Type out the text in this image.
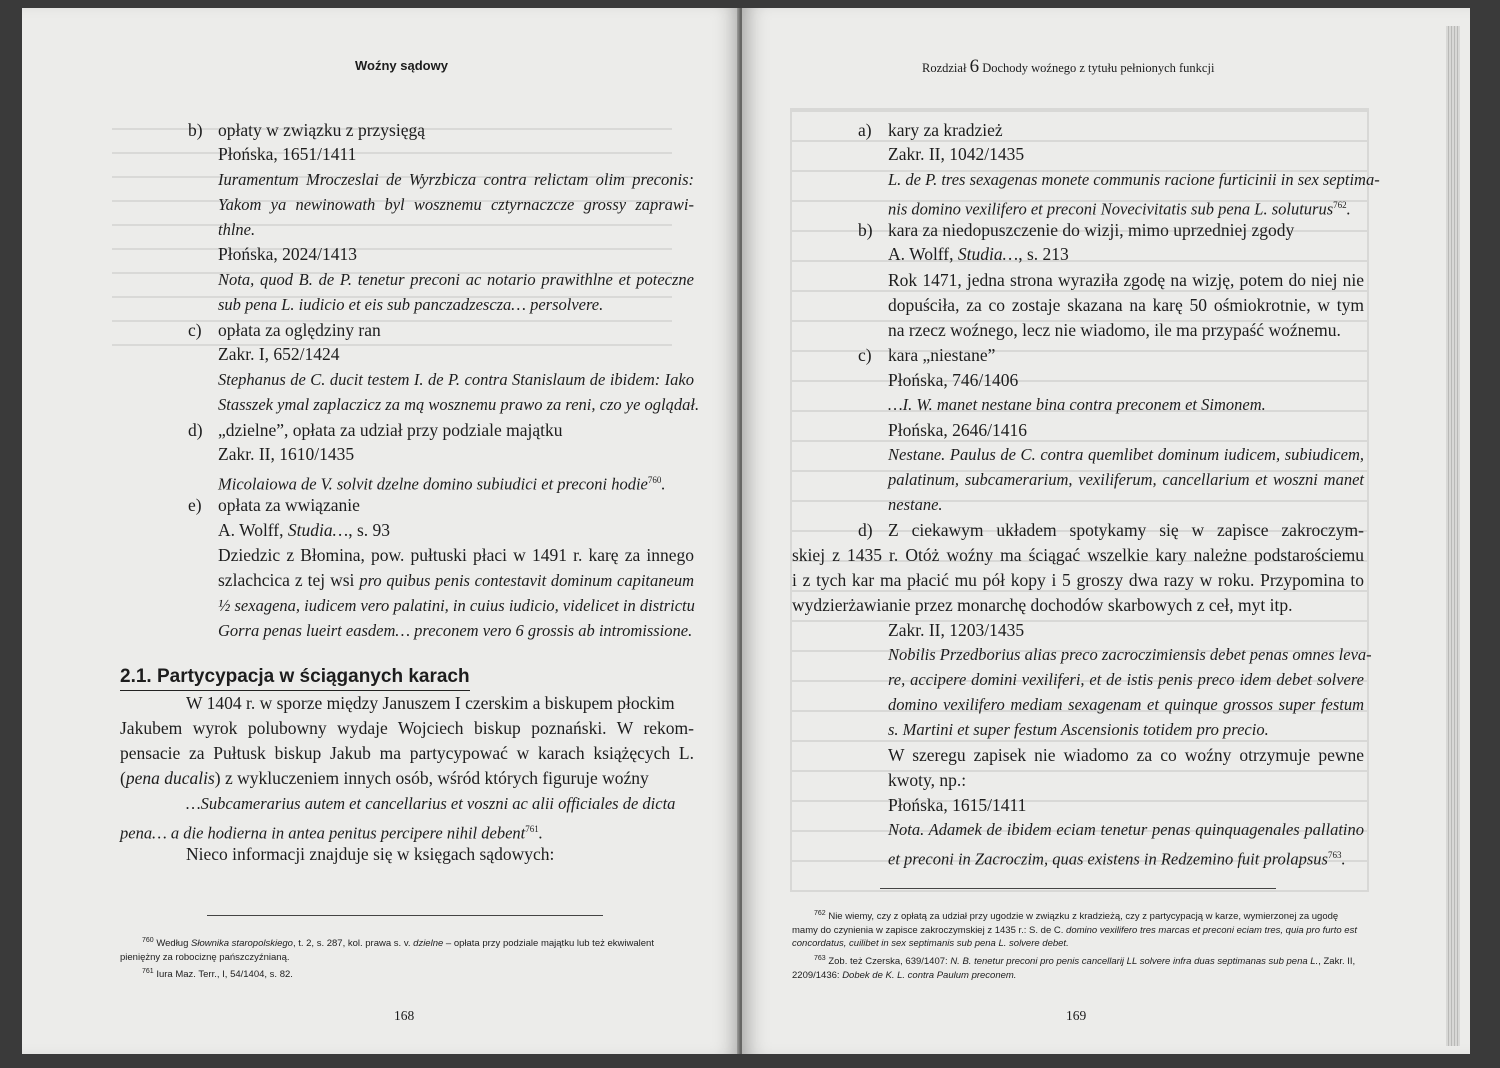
Woźny sądowy
b) opłaty w związku z przysięgą
Płońska, 1651/1411
Iuramentum Mroczeslai de Wyrzbicza contra relictam olim preconis:
Yakom ya newinowath byl wosznemu cztyrnaczcze grossy zaprawi-
thlne.
Płońska, 2024/1413
Nota, quod B. de P. tenetur preconi ac notario prawithlne et poteczne
sub pena L. iudicio et eis sub panczadzescza… persolvere.
c) opłata za oględziny ran
Zakr. I, 652/1424
Stephanus de C. ducit testem I. de P. contra Stanislaum de ibidem: Iako
Stasszek ymal zaplaczicz za mą wosznemu prawo za reni, czo ye oglądał.
d) „dzielne”, opłata za udział przy podziale majątku
Zakr. II, 1610/1435
Micolaiowa de V. solvit dzelne domino subiudici et preconi hodie$^{760}$.
e) opłata za wwiązanie
A. Wolff, Studia…, s. 93
Dziedzic z Błomina, pow. pułtuski płaci w 1491 r. karę za innego
szlachcica z tej wsi pro quibus penis contestavit dominum capitaneum
½ sexagena, iudicem vero palatini, in cuius iudicio, videlicet in districtu
Gorra penas lueirt easdem… preconem vero 6 grossis ab intromissione.
2.1. Partycypacja w ściąganych karach
W 1404 r. w sporze między Januszem I czerskim a biskupem płockim
Jakubem wyrok polubowny wydaje Wojciech biskup poznański. W rekom-
pensacie za Pułtusk biskup Jakub ma partycypować w karach książęcych L.
(pena ducalis) z wykluczeniem innych osób, wśród których figuruje woźny
…Subcamerarius autem et cancellarius et voszni ac alii officiales de dicta
pena… a die hodierna in antea penitus percipere nihil debent$^{761}$.
Nieco informacji znajduje się w księgach sądowych:
$^{760}$ Według Słownika staropolskiego, t. 2, s. 287, kol. prawa s. v. dzielne – opłata przy podziale majątku lub też ekwiwalent pieniężny za robociznę pańszczyźnianą.
$^{761}$ Iura Maz. Terr., I, 54/1404, s. 82.
168
Rozdział 6 Dochody woźnego z tytułu pełnionych funkcji
a) kary za kradzież
Zakr. II, 1042/1435
L. de P. tres sexagenas monete communis racione furticinii in sex septima-
nis domino vexilifero et preconi Novecivitatis sub pena L. soluturus$^{762}$.
b) kara za niedopuszczenie do wizji, mimo uprzedniej zgody
A. Wolff, Studia…, s. 213
Rok 1471, jedna strona wyraziła zgodę na wizję, potem do niej nie
dopuściła, za co zostaje skazana na karę 50 ośmiokrotnie, w tym
na rzecz woźnego, lecz nie wiadomo, ile ma przypaść woźnemu.
c) kara „niestane”
Płońska, 746/1406
…I. W. manet nestane bina contra preconem et Simonem.
Płońska, 2646/1416
Nestane. Paulus de C. contra quemlibet dominum iudicem, subiudicem,
palatinum, subcamerarium, vexiliferum, cancellarium et woszni manet
nestane.
d) Z ciekawym układem spotykamy się w zapisce zakroczym-
skiej z 1435 r. Otóż woźny ma ściągać wszelkie kary należne podstarościemu
i z tych kar ma płacić mu pół kopy i 5 groszy dwa razy w roku. Przypomina to
wydzierżawianie przez monarchę dochodów skarbowych z ceł, myt itp.
Zakr. II, 1203/1435
Nobilis Przedborius alias preco zacroczimiensis debet penas omnes leva-
re, accipere domini vexiliferi, et de istis penis preco idem debet solvere
domino vexilifero mediam sexagenam et quinque grossos super festum
s. Martini et super festum Ascensionis totidem pro precio.
W szeregu zapisek nie wiadomo za co woźny otrzymuje pewne
kwoty, np.:
Płońska, 1615/1411
Nota. Adamek de ibidem eciam tenetur penas quinquagenales pallatino
et preconi in Zacroczim, quas existens in Redzemino fuit prolapsus$^{763}$.
$^{762}$ Nie wiemy, czy z opłatą za udział przy ugodzie w związku z kradzieżą, czy z partycypacją w karze, wymierzonej za ugodę mamy do czynienia w zapisce zakroczymskiej z 1435 r.: S. de C. domino vexilifero tres marcas et preconi eciam tres, quia pro furto est concordatus, cuilibet in sex septimanis sub pena L. solvere debet.
$^{763}$ Zob. też Czerska, 639/1407: N. B. tenetur preconi pro penis cancellarij LL solvere infra duas septimanas sub pena L., Zakr. II, 2209/1436: Dobek de K. L. contra Paulum preconem.
169
